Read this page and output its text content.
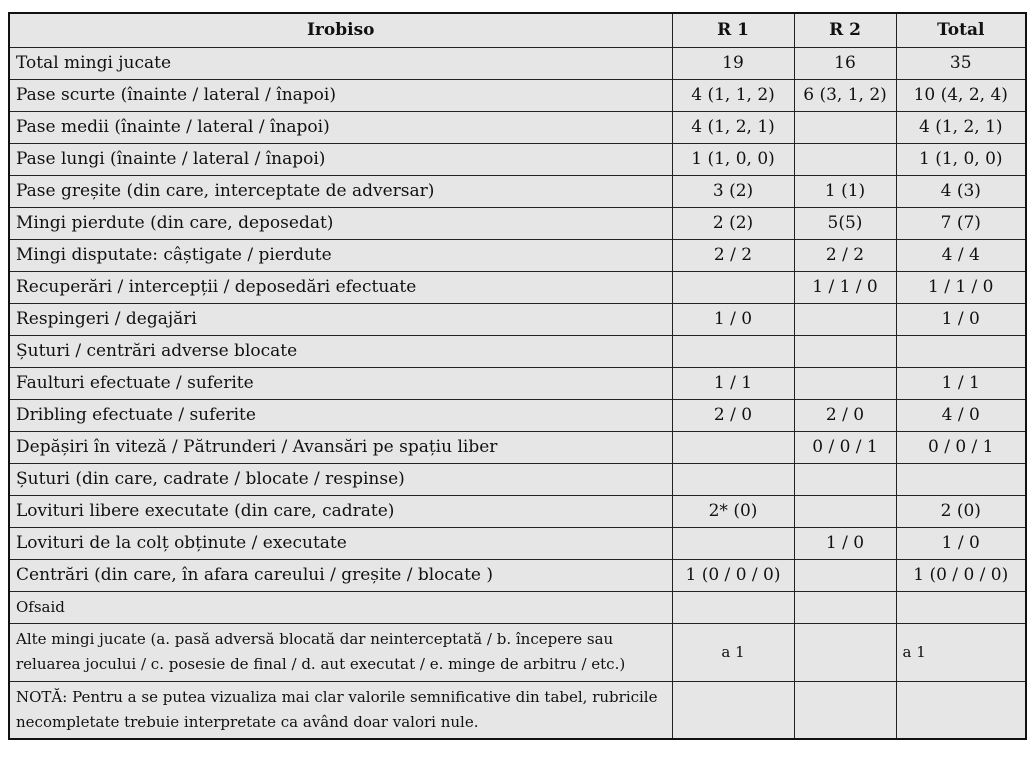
Irobiso	R 1	R 2	Total
Total mingi jucate	19	16	35
Pase scurte (înainte / lateral / înapoi)	4 (1, 1, 2)	6 (3, 1, 2)	10 (4, 2, 4)
Pase medii (înainte / lateral / înapoi)	4 (1, 2, 1)		4 (1, 2, 1)
Pase lungi (înainte / lateral / înapoi)	1 (1, 0, 0)		1 (1, 0, 0)
Pase greșite (din care, interceptate de adversar)	3 (2)	1 (1)	4 (3)
Mingi pierdute (din care, deposedat)	2 (2)	5(5)	7 (7)
Mingi disputate: câștigate / pierdute	2 / 2	2 / 2	4 / 4
Recuperări / intercepții / deposedări efectuate		1 / 1 / 0	1 / 1 / 0
Respingeri / degajări	1 / 0		1 / 0
Șuturi / centrări adverse blocate			
Faulturi efectuate / suferite	1 / 1		1 / 1
Dribling efectuate / suferite	2 / 0	2 / 0	4 / 0
Depășiri în viteză / Pătrunderi / Avansări pe spațiu liber		0 / 0 / 1	0 / 0 / 1
Șuturi (din care, cadrate / blocate / respinse)			
Lovituri libere executate (din care, cadrate)	2* (0)		2 (0)
Lovituri de la colț obținute / executate		1 / 0	1 / 0
Centrări (din care, în afara careului / greșite / blocate )	1 (0 / 0 / 0)		1 (0 / 0 / 0)
Ofsaid			
Alte mingi jucate (a. pasă adversă blocată dar neinterceptată / b. începere sau reluarea jocului / c. posesie de final / d. aut executat / e. minge de arbitru / etc.)	a 1		a 1
NOTĂ: Pentru a se putea vizualiza mai clar valorile semnificative din tabel, rubricile necompletate trebuie interpretate ca având doar valori nule.			
